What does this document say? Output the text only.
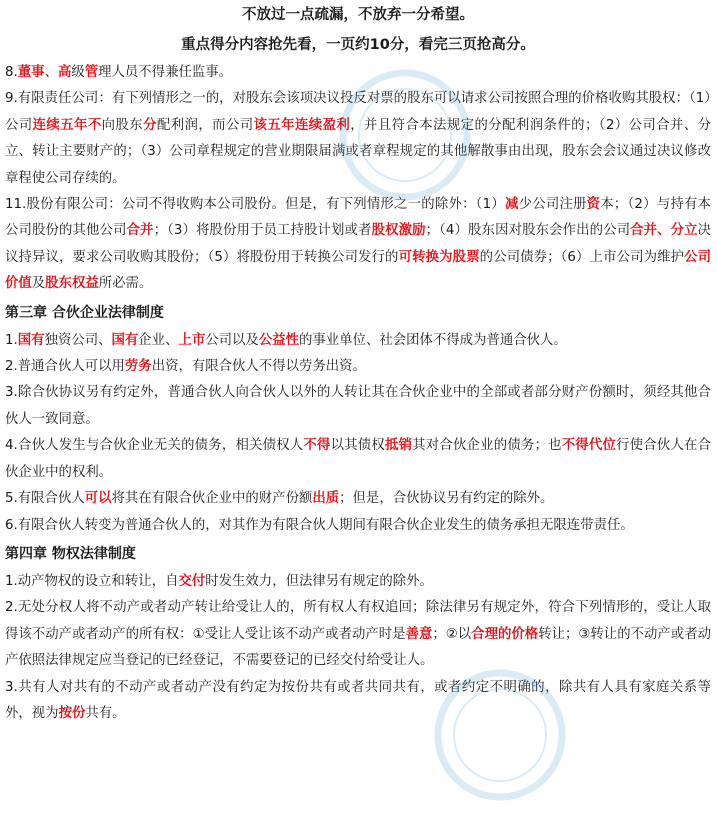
不放过一点疏漏，不放弃一分希望。

重点得分内容抢先看，一页约10分，看完三页抢高分。

8.董事、高级管理人员不得兼任监事。

9.有限责任公司：有下列情形之一的，对股东会该项决议投反对票的股东可以请求公司按照合理的价格收购其股权：（1）公司连续五年不向股东分配利润，而公司该五年连续盈利，并且符合本法规定的分配利润条件的；（2）公司合并、分立、转让主要财产的；（3）公司章程规定的营业期限届满或者章程规定的其他解散事由出现，股东会会议通过决议修改章程使公司存续的。

11.股份有限公司：公司不得收购本公司股份。但是，有下列情形之一的除外：（1）减少公司注册资本；（2）与持有本公司股份的其他公司合并；（3）将股份用于员工持股计划或者股权激励；（4）股东因对股东会作出的公司合并、分立决议持异议，要求公司收购其股份；（5）将股份用于转换公司发行的可转换为股票的公司债券；（6）上市公司为维护公司价值及股东权益所必需。

第三章 合伙企业法律制度

1.国有独资公司、国有企业、上市公司以及公益性的事业单位、社会团体不得成为普通合伙人。

2.普通合伙人可以用劳务出资，有限合伙人不得以劳务出资。

3.除合伙协议另有约定外，普通合伙人向合伙人以外的人转让其在合伙企业中的全部或者部分财产份额时，须经其他合伙人一致同意。

4.合伙人发生与合伙企业无关的债务，相关债权人不得以其债权抵销其对合伙企业的债务；也不得代位行使合伙人在合伙企业中的权利。

5.有限合伙人可以将其在有限合伙企业中的财产份额出质；但是，合伙协议另有约定的除外。

6.有限合伙人转变为普通合伙人的，对其作为有限合伙人期间有限合伙企业发生的债务承担无限连带责任。

第四章 物权法律制度

1.动产物权的设立和转让，自交付时发生效力，但法律另有规定的除外。

2.无处分权人将不动产或者动产转让给受让人的，所有权人有权追回；除法律另有规定外，符合下列情形的，受让人取得该不动产或者动产的所有权：①受让人受让该不动产或者动产时是善意；②以合理的价格转让；③转让的不动产或者动产依照法律规定应当登记的已经登记，不需要登记的已经交付给受让人。

3.共有人对共有的不动产或者动产没有约定为按份共有或者共同共有，或者约定不明确的，除共有人具有家庭关系等外，视为按份共有。
